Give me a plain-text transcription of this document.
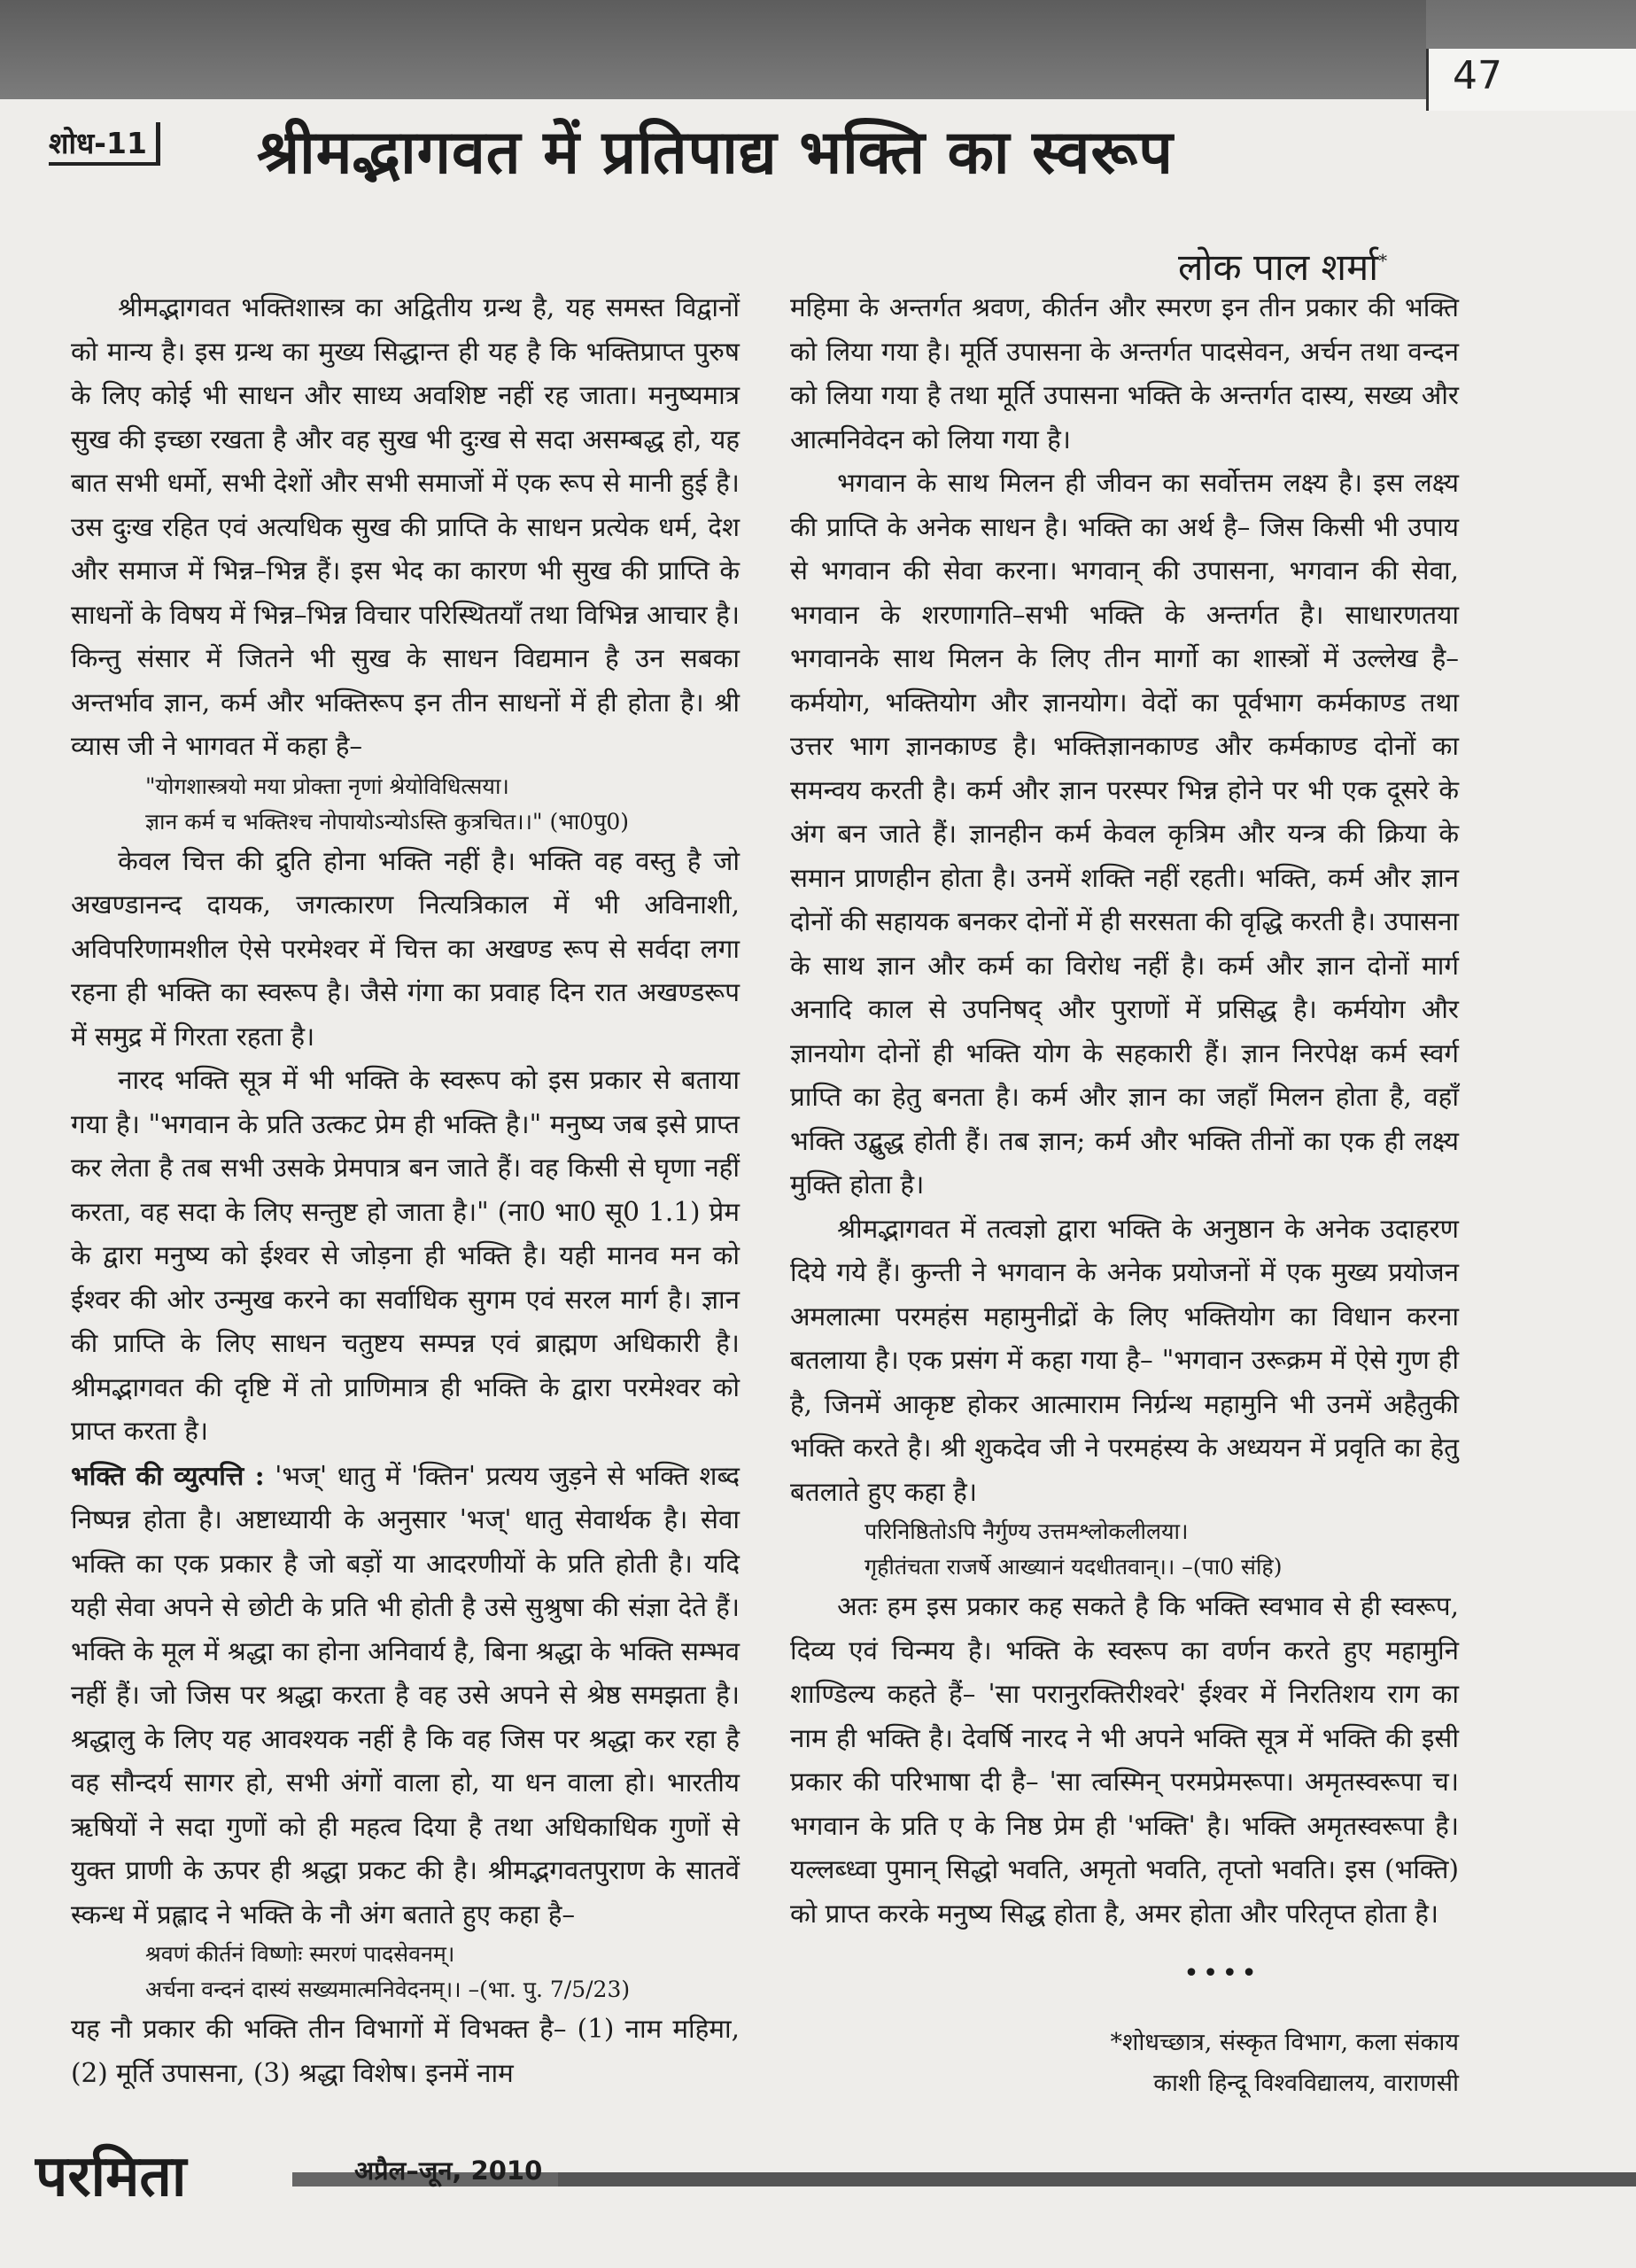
47
शोध-11 श्रीमद्भागवत में प्रतिपाद्य भक्ति का स्वरूप
लोक पाल शर्मा*

श्रीमद्भागवत भक्तिशास्त्र का अद्वितीय ग्रन्थ है, यह समस्त विद्वानों को मान्य है। इस ग्रन्थ का मुख्य सिद्धान्त ही यह है कि भक्तिप्राप्त पुरुष के लिए कोई भी साधन और साध्य अवशिष्ट नहीं रह जाता। मनुष्यमात्र सुख की इच्छा रखता है और वह सुख भी दुःख से सदा असम्बद्ध हो, यह बात सभी धर्मो, सभी देशों और सभी समाजों में एक रूप से मानी हुई है। उस दुःख रहित एवं अत्यधिक सुख की प्राप्ति के साधन प्रत्येक धर्म, देश और समाज में भिन्न–भिन्न हैं। इस भेद का कारण भी सुख की प्राप्ति के साधनों के विषय में भिन्न–भिन्न विचार परिस्थितयाँ तथा विभिन्न आचार है। किन्तु संसार में जितने भी सुख के साधन विद्यमान है उन सबका अन्तर्भाव ज्ञान, कर्म और भक्तिरूप इन तीन साधनों में ही होता है। श्री व्यास जी ने भागवत में कहा है–

"योगशास्त्रयो मया प्रोक्ता नृणां श्रेयोविधित्सया।
ज्ञान कर्म च भक्तिश्च नोपायोऽन्योऽस्ति कुत्रचित।।" (भा0पु0)

केवल चित्त की द्रुति होना भक्ति नहीं है। भक्ति वह वस्तु है जो अखण्डानन्द दायक, जगत्कारण नित्यत्रिकाल में भी अविनाशी, अविपरिणामशील ऐसे परमेश्वर में चित्त का अखण्ड रूप से सर्वदा लगा रहना ही भक्ति का स्वरूप है। जैसे गंगा का प्रवाह दिन रात अखण्डरूप में समुद्र में गिरता रहता है।

नारद भक्ति सूत्र में भी भक्ति के स्वरूप को इस प्रकार से बताया गया है। "भगवान के प्रति उत्कट प्रेम ही भक्ति है।" मनुष्य जब इसे प्राप्त कर लेता है तब सभी उसके प्रेमपात्र बन जाते हैं। वह किसी से घृणा नहीं करता, वह सदा के लिए सन्तुष्ट हो जाता है।" (ना0 भा0 सू0 1.1) प्रेम के द्वारा मनुष्य को ईश्वर से जोड़ना ही भक्ति है। यही मानव मन को ईश्वर की ओर उन्मुख करने का सर्वाधिक सुगम एवं सरल मार्ग है। ज्ञान की प्राप्ति के लिए साधन चतुष्टय सम्पन्न एवं ब्राह्मण अधिकारी है। श्रीमद्भागवत की दृष्टि में तो प्राणिमात्र ही भक्ति के द्वारा परमेश्वर को प्राप्त करता है।

भक्ति की व्युत्पत्ति : 'भज्' धातु में 'क्तिन' प्रत्यय जुड़ने से भक्ति शब्द निष्पन्न होता है। अष्टाध्यायी के अनुसार 'भज्' धातु सेवार्थक है। सेवा भक्ति का एक प्रकार है जो बड़ों या आदरणीयों के प्रति होती है। यदि यही सेवा अपने से छोटी के प्रति भी होती है उसे सुश्रुषा की संज्ञा देते हैं। भक्ति के मूल में श्रद्धा का होना अनिवार्य है, बिना श्रद्धा के भक्ति सम्भव नहीं हैं। जो जिस पर श्रद्धा करता है वह उसे अपने से श्रेष्ठ समझता है। श्रद्धालु के लिए यह आवश्यक नहीं है कि वह जिस पर श्रद्धा कर रहा है वह सौन्दर्य सागर हो, सभी अंगों वाला हो, या धन वाला हो। भारतीय ऋषियों ने सदा गुणों को ही महत्व दिया है तथा अधिकाधिक गुणों से युक्त प्राणी के ऊपर ही श्रद्धा प्रकट की है। श्रीमद्भगवतपुराण के सातवें स्कन्ध में प्रह्लाद ने भक्ति के नौ अंग बताते हुए कहा है–

श्रवणं कीर्तनं विष्णोः स्मरणं पादसेवनम्।
अर्चना वन्दनं दास्यं सख्यमात्मनिवेदनम्।। –(भा. पु. 7/5/23)

यह नौ प्रकार की भक्ति तीन विभागों में विभक्त है– (1) नाम महिमा, (2) मूर्ति उपासना, (3) श्रद्धा विशेष। इनमें नाम

महिमा के अन्तर्गत श्रवण, कीर्तन और स्मरण इन तीन प्रकार की भक्ति को लिया गया है। मूर्ति उपासना के अन्तर्गत पादसेवन, अर्चन तथा वन्दन को लिया गया है तथा मूर्ति उपासना भक्ति के अन्तर्गत दास्य, सख्य और आत्मनिवेदन को लिया गया है।

भगवान के साथ मिलन ही जीवन का सर्वोत्तम लक्ष्य है। इस लक्ष्य की प्राप्ति के अनेक साधन है। भक्ति का अर्थ है– जिस किसी भी उपाय से भगवान की सेवा करना। भगवान् की उपासना, भगवान की सेवा, भगवान के शरणागति–सभी भक्ति के अन्तर्गत है। साधारणतया भगवानके साथ मिलन के लिए तीन मार्गो का शास्त्रों में उल्लेख है– कर्मयोग, भक्तियोग और ज्ञानयोग। वेदों का पूर्वभाग कर्मकाण्ड तथा उत्तर भाग ज्ञानकाण्ड है। भक्तिज्ञानकाण्ड और कर्मकाण्ड दोनों का समन्वय करती है। कर्म और ज्ञान परस्पर भिन्न होने पर भी एक दूसरे के अंग बन जाते हैं। ज्ञानहीन कर्म केवल कृत्रिम और यन्त्र की क्रिया के समान प्राणहीन होता है। उनमें शक्ति नहीं रहती। भक्ति, कर्म और ज्ञान दोनों की सहायक बनकर दोनों में ही सरसता की वृद्धि करती है। उपासना के साथ ज्ञान और कर्म का विरोध नहीं है। कर्म और ज्ञान दोनों मार्ग अनादि काल से उपनिषद् और पुराणों में प्रसिद्ध है। कर्मयोग और ज्ञानयोग दोनों ही भक्ति योग के सहकारी हैं। ज्ञान निरपेक्ष कर्म स्वर्ग प्राप्ति का हेतु बनता है। कर्म और ज्ञान का जहाँ मिलन होता है, वहाँ भक्ति उद्बुद्ध होती हैं। तब ज्ञान; कर्म और भक्ति तीनों का एक ही लक्ष्य मुक्ति होता है।

श्रीमद्भागवत में तत्वज्ञो द्वारा भक्ति के अनुष्ठान के अनेक उदाहरण दिये गये हैं। कुन्ती ने भगवान के अनेक प्रयोजनों में एक मुख्य प्रयोजन अमलात्मा परमहंस महामुनीद्रों के लिए भक्तियोग का विधान करना बतलाया है। एक प्रसंग में कहा गया है– "भगवान उरूक्रम में ऐसे गुण ही है, जिनमें आकृष्ट होकर आत्माराम निर्ग्रन्थ महामुनि भी उनमें अहैतुकी भक्ति करते है। श्री शुकदेव जी ने परमहंस्य के अध्ययन में प्रवृति का हेतु बतलाते हुए कहा है।

परिनिष्ठितोऽपि नैर्गुण्य उत्तमश्लोकलीलया।
गृहीतंचता राजर्षे आख्यानं यदधीतवान्।। –(पा0 संहि)

अतः हम इस प्रकार कह सकते है कि भक्ति स्वभाव से ही स्वरूप, दिव्य एवं चिन्मय है। भक्ति के स्वरूप का वर्णन करते हुए महामुनि शाण्डिल्य कहते हैं– 'सा परानुरक्तिरीश्वरे' ईश्वर में निरतिशय राग का नाम ही भक्ति है। देवर्षि नारद ने भी अपने भक्ति सूत्र में भक्ति की इसी प्रकार की परिभाषा दी है– 'सा त्वस्मिन् परमप्रेमरूपा। अमृतस्वरूपा च। भगवान के प्रति ए के निष्ठ प्रेम ही 'भक्ति' है। भक्ति अमृतस्वरूपा है। यल्लब्ध्वा पुमान् सिद्धो भवति, अमृतो भवति, तृप्तो भवति। इस (भक्ति) को प्राप्त करके मनुष्य सिद्ध होता है, अमर होता और परितृप्त होता है।

••••
*शोधच्छात्र, संस्कृत विभाग, कला संकाय
काशी हिन्दू विश्वविद्यालय, वाराणसी
परमिता	अप्रैल–जून, 2010
